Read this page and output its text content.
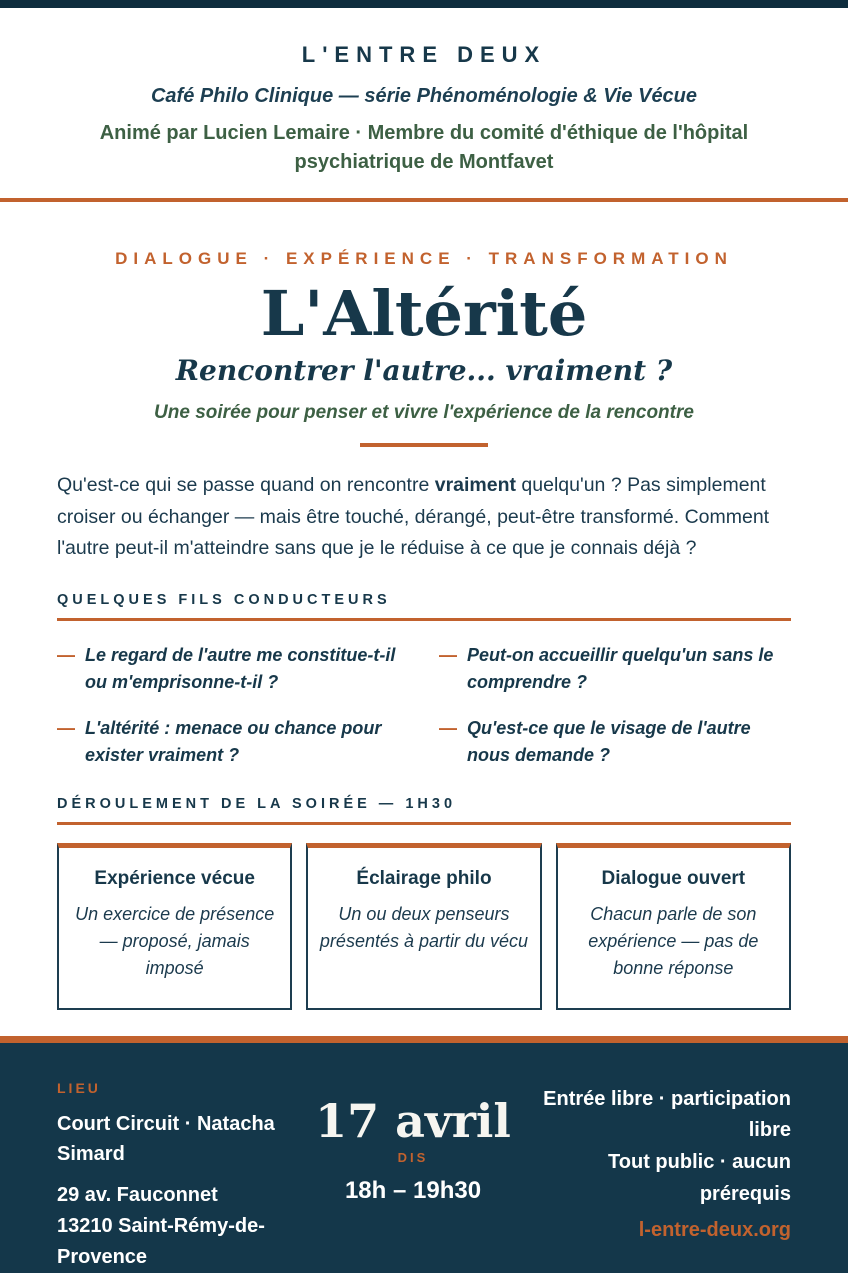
L'ENTRE DEUX
Café Philo Clinique — série Phénoménologie & Vie Vécue
Animé par Lucien Lemaire · Membre du comité d'éthique de l'hôpital psychiatrique de Montfavet
DIALOGUE · EXPÉRIENCE · TRANSFORMATION
L'Altérité
Rencontrer l'autre... vraiment ?
Une soirée pour penser et vivre l'expérience de la rencontre

Qu'est-ce qui se passe quand on rencontre vraiment quelqu'un ? Pas simplement croiser ou échanger — mais être touché, dérangé, peut-être transformé. Comment l'autre peut-il m'atteindre sans que je le réduise à ce que je connais déjà ?

QUELQUES FILS CONDUCTEURS
— Le regard de l'autre me constitue-t-il ou m'emprisonne-t-il ?
— Peut-on accueillir quelqu'un sans le comprendre ?
— L'altérité : menace ou chance pour exister vraiment ?
— Qu'est-ce que le visage de l'autre nous demande ?
DÉROULEMENT DE LA SOIRÉE — 1H30
Expérience vécue
Un exercice de présence — proposé, jamais imposé
Éclairage philo
Un ou deux penseurs présentés à partir du vécu
Dialogue ouvert
Chacun parle de son expérience — pas de bonne réponse
LIEU
Court Circuit · Natacha Simard
29 av. Fauconnet
13210 Saint-Rémy-de-Provence
17 avril
DIS
18h – 19h30
Entrée libre · participation libre
Tout public · aucun prérequis
l-entre-deux.org
